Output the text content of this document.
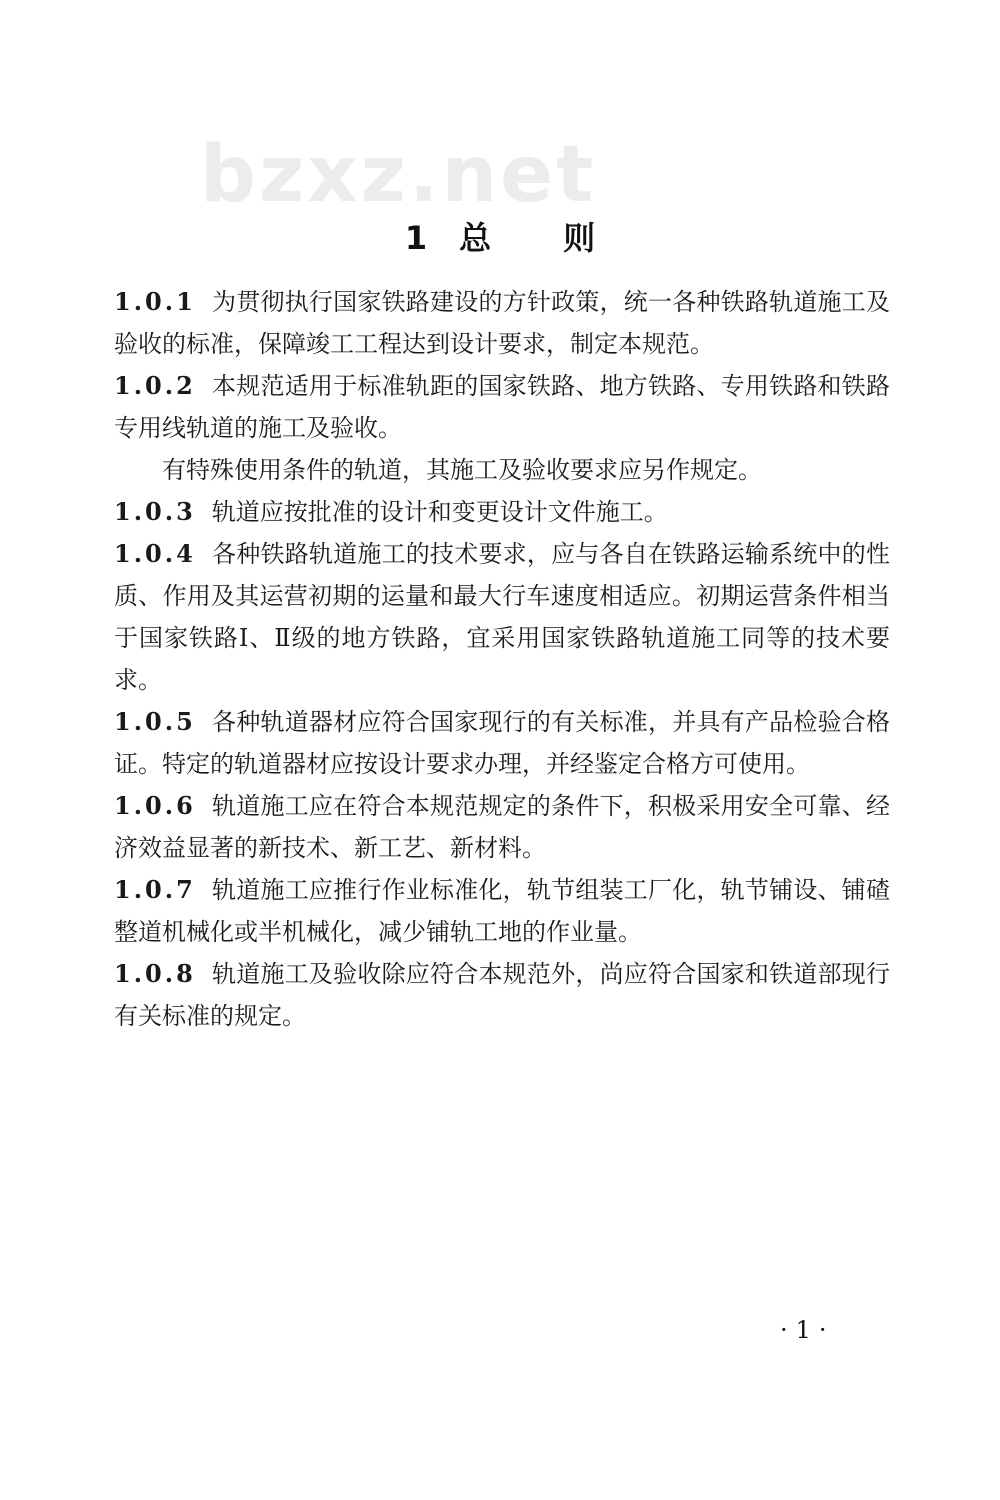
bzxz.net
1 总则

1.0.1 为贯彻执行国家铁路建设的方针政策，统一各种铁路轨道施工及验收的标准，保障竣工工程达到设计要求，制定本规范。

1.0.2 本规范适用于标准轨距的国家铁路、地方铁路、专用铁路和铁路专用线轨道的施工及验收。

有特殊使用条件的轨道，其施工及验收要求应另作规定。

1.0.3 轨道应按批准的设计和变更设计文件施工。

1.0.4 各种铁路轨道施工的技术要求，应与各自在铁路运输系统中的性质、作用及其运营初期的运量和最大行车速度相适应。初期运营条件相当于国家铁路Ⅰ、Ⅱ级的地方铁路，宜采用国家铁路轨道施工同等的技术要求。

1.0.5 各种轨道器材应符合国家现行的有关标准，并具有产品检验合格证。特定的轨道器材应按设计要求办理，并经鉴定合格方可使用。

1.0.6 轨道施工应在符合本规范规定的条件下，积极采用安全可靠、经济效益显著的新技术、新工艺、新材料。

1.0.7 轨道施工应推行作业标准化，轨节组装工厂化，轨节铺设、铺碴整道机械化或半机械化，减少铺轨工地的作业量。

1.0.8 轨道施工及验收除应符合本规范外，尚应符合国家和铁道部现行有关标准的规定。

·1·
